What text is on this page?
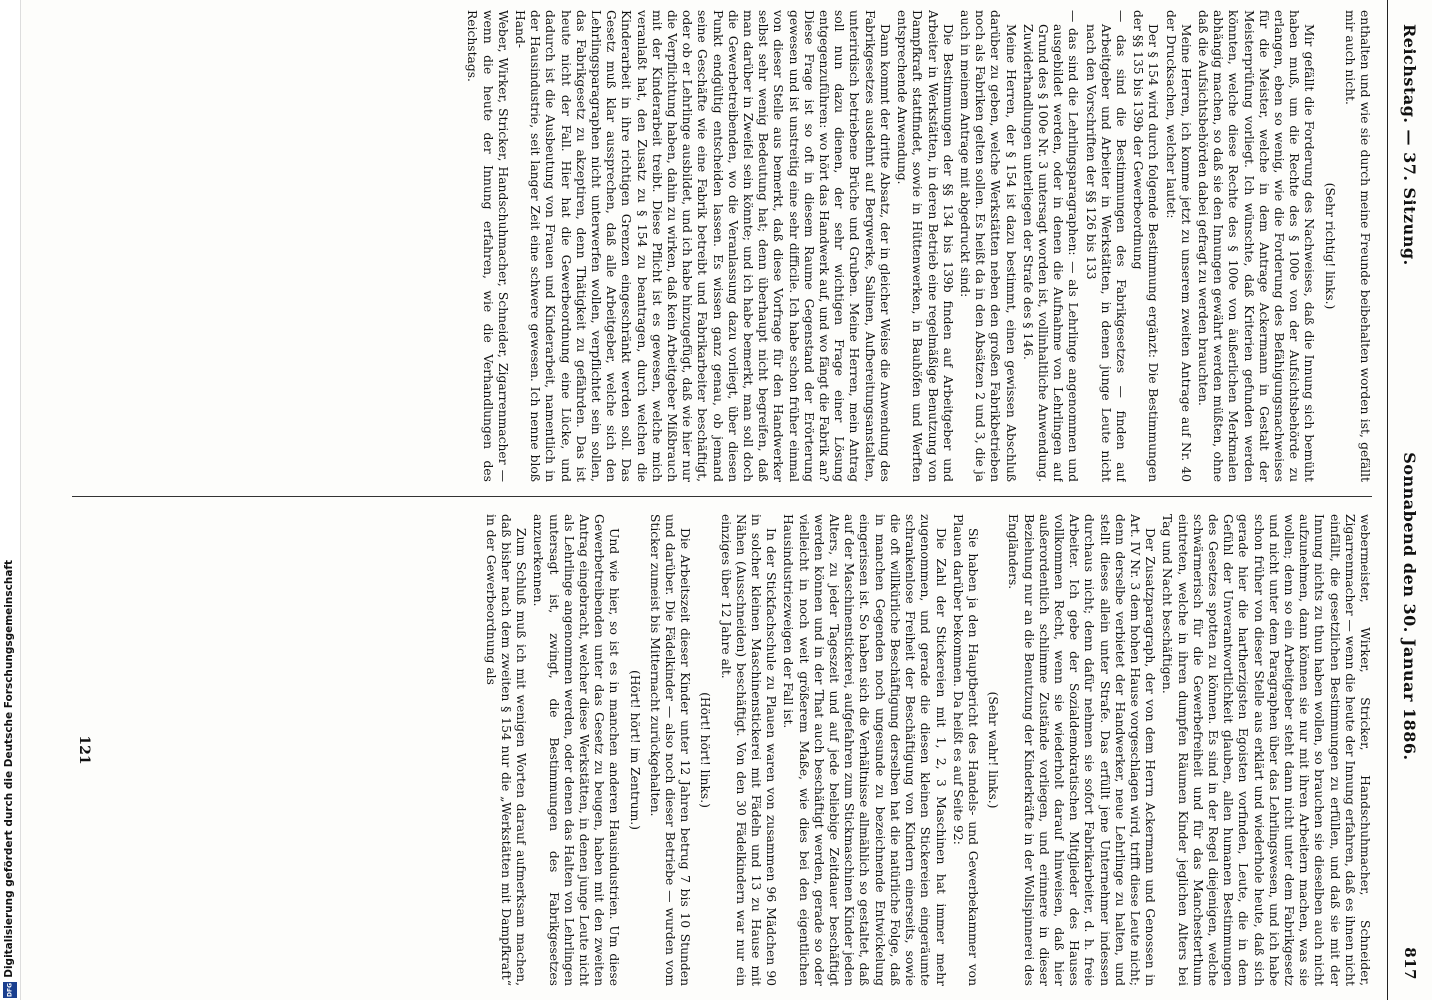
Reichstag. — 37. Sitzung.
Sonnabend den 30. Januar 1886.
817

enthalten und wie sie durch meine Freunde beibehalten worden ist, gefällt mir auch nicht.

(Sehr richtig! links.)

Mir gefällt die Forderung des Nachweises, daß die Innung sich bemüht haben muß, um die Rechte des § 100e von der Aufsichtsbehörde zu erlangen, eben so wenig, wie die Forderung des Befähigungsnachweises für die Meister, welche in dem Antrage Ackermann in Gestalt der Meisterprüfung vorliegt. Ich wünschte, daß Kriterien gefunden werden könnten, welche diese Rechte des § 100e von äußerlichen Merkmalen abhängig machen, so daß sie den Innungen gewährt werden müßten, ohne daß die Aufsichtsbehörden dabei gefragt zu werden brauchten.

Meine Herren, ich komme jetzt zu unserem zweiten Antrage auf Nr. 40 der Drucksachen, welcher lautet:

Der § 154 wird durch folgende Bestimmung ergänzt: Die Bestimmungen der §§ 135 bis 139b der Gewerbeordnung

— das sind die Bestimmungen des Fabrikgesetzes — finden auf Arbeitgeber und Arbeiter in Werkstätten, in denen junge Leute nicht nach den Vorschriften der §§ 126 bis 133

— das sind die Lehrlingsparagraphen: — als Lehrlinge angenommen und ausgebildet werden, oder in denen die Aufnahme von Lehrlingen auf Grund des § 100e Nr. 3 untersagt worden ist, vollinhaltliche Anwendung. Zuwiderhandlungen unterliegen der Strafe des § 146.

Meine Herren, der § 154 ist dazu bestimmt, einen gewissen Abschluß darüber zu geben, welche Werkstätten neben den großen Fabrikbetrieben noch als Fabriken gelten sollen. Es heißt da in den Absätzen 2 und 3, die ja auch in meinem Antrage mit abgedruckt sind:

Die Bestimmungen der §§ 134 bis 139b finden auf Arbeitgeber und Arbeiter in Werkstätten, in deren Betrieb eine regelmäßige Benutzung von Dampfkraft stattfindet, sowie in Hüttenwerken, in Bauhöfen und Werften entsprechende Anwendung.

Dann kommt der dritte Absatz, der in gleicher Weise die Anwendung des Fabrikgesetzes ausdehnt auf Bergwerke, Salinen, Aufbereitungsanstalten, unterirdisch betriebene Brüche und Gruben. Meine Herren, mein Antrag soll nun dazu dienen, der sehr wichtigen Frage einer Lösung entgegenzuführen: wo hört das Handwerk auf, und wo fängt die Fabrik an? Diese Frage ist so oft in diesem Raume Gegenstand der Erörterung gewesen und ist unstreitig eine sehr difficile. Ich habe schon früher einmal von dieser Stelle aus bemerkt, daß diese Vorfrage für den Handwerker selbst sehr wenig Bedeutung hat; denn überhaupt nicht begreifen, daß man darüber in Zweifel sein könnte; und ich habe bemerkt, man soll doch die Gewerbetreibenden, wo die Veranlassung dazu vorliegt, über diesen Punkt endgültig entscheiden lassen. Es wissen ganz genau, ob jemand seine Geschäfte wie eine Fabrik betreibt und Fabrikarbeiter beschäftigt, oder ob er Lehrlinge ausbildet, und ich habe hinzugefügt, daß wie hier nur die Verpflichtung haben, dahin zu wirken, daß kein Arbeitgeber Mißbrauch mit der Kinderarbeit treibt. Diese Pflicht ist es gewesen, welche mich veranlaßt hat, den Zusatz zu § 154 zu beantragen, durch welchen die Kinderarbeit in ihre richtigen Grenzen eingeschränkt werden soll. Das Gesetz muß klar aussprechen, daß alle Arbeitgeber, welche sich den Lehrlingsparagraphen nicht unterwerfen wollen, verpflichtet sein sollen, das Fabrikgesetz zu akzeptiren, denn Thätigkeit zu gefährden. Das ist heute nicht der Fall. Hier hat die Gewerbeordnung eine Lücke, und dadurch ist die Ausbeutung von Frauen und Kinderarbeit, namentlich in der Hausindustrie, seit langer Zeit eine schwere gewesen. Ich nenne bloß Hand-

Weber, Wirker, Stricker, Handschuhmacher, Schneider, Zigarrenmacher — wenn die heute der Innung erfahren, wie die Verhandlungen des Reichstags.

webermeister, Wirker, Stricker, Handschuhmacher, Schneider, Zigarrenmacher — wenn die heute der Innung erfahren, daß es ihnen nicht einfällt, die gesetzlichen Bestimmungen zu erfüllen, und daß sie mit der Innung nichts zu thun haben wollen, so brauchen sie dieselben auch nicht aufzunehmen, dann können sie nur mit ihren Arbeitern machen, was sie wollen; denn so ein Arbeitgeber steht dann nicht unter dem Fabrikgesetz und nicht unter dem Paragraphen über das Lehrlingswesen, und ich habe schon früher von dieser Stelle aus erklärt und wiederhole heute, daß sich gerade hier die hartherzigsten Egoisten vorfinden, Leute, die in dem Gefühl der Unverantwortlichkeit glauben, allen humanen Bestimmungen des Gesetzes spotten zu können. Es sind in der Regel diejenigen, welche schwärmerisch für die Gewerbefreiheit und für das Manchesterthum eintreten, welche in ihren dumpfen Räumen Kinder jeglichen Alters bei Tag und Nacht beschäftigen.

Der Zusatzparagraph, der von dem Herrn Ackermann und Genossen in Art. IV Nr. 3 dem hohen Hause vorgeschlagen wird, trifft diese Leute nicht; denn derselbe verbietet der Handwerker, neue Lehrlinge zu halten, und stellt dieses allein unter Strafe. Das erfüllt jene Unternehmer indessen durchaus nicht; denn dafür nehmen sie sofort Fabrikarbeiter, d. h. freie Arbeiter. Ich gebe der Sozialdemokratischen Mitglieder des Hauses vollkommen Recht, wenn sie wiederholt darauf hinweisen, daß hier außerordentlich schlimme Zustände vorliegen, und erinnere in dieser Beziehung nur an die Benutzung der Kinderkräfte in der Wollspinnerei des Engländers.

(Sehr wahr! links.)

Sie haben ja den Hauptbericht des Handels- und Gewerbekammer von Plauen darüber bekommen. Da heißt es auf Seite 92:

Die Zahl der Stickereien mit 1, 2, 3 Maschinen hat immer mehr zugenommen, und gerade die diesen kleinen Stickereien eingeräumte schrankenlose Freiheit der Beschäftigung von Kindern einerseits, sowie die oft willkürliche Beschäftigung derselben hat die natürliche Folge, daß in manchen Gegenden noch ungesunde zu bezeichnende Entwickelung eingerissen ist. So haben sich die Verhältnisse allmählich so gestaltet, daß auf der Maschinenstickerei, aufgefahren zum Stickmaschinen Kinder jeden Alters, zu jeder Tageszeit und auf jede beliebige Zeitdauer beschäftigt werden können und in der That auch beschäftigt werden, gerade so oder vielleicht in noch weit größerem Maße, wie dies bei den eigentlichen Hausindustriezweigen der Fall ist.

In der Stickfachschule zu Plauen waren von zusammen 96 Mädchen 90 in solcher kleinen Maschinenstickerei mit Fädeln und 13 zu Hause mit Nähen (Ausschneiden) beschäftigt. Von den 30 Fädelkindern war nur ein einziges über 12 Jahre alt.

(Hört! hört! links.)

Die Arbeitszeit dieser Kinder unter 12 Jahren betrug 7 bis 10 Stunden und darüber. Die Fädelkinder — also noch dieser Betriebe — wurden vom Sticker zumeist bis Mitternacht zurückgehalten.

(Hört! hört! im Zentrum.)

Und wie hier, so ist es in manchen anderen Hausindustrien. Um diese Gewerbetreibenden unter das Gesetz zu beugen, haben mit den zweiten Antrag eingebracht, welcher diese Werkstätten, in denen junge Leute nicht als Lehrlinge angenommen werden, oder denen das Halten von Lehrlingen untersagt ist, zwingt, die Bestimmungen des Fabrikgesetzes anzuerkennen.

Zum Schluß muß ich mit wenigen Worten darauf aufmerksam machen, daß bisher nach dem zweiten § 154 nur die „Werkstätten mit Dampfkraft“ in der Gewerbeordnung als

121
Digitalisierung gefördert durch die Deutsche Forschungsgemeinschaft
DFG
